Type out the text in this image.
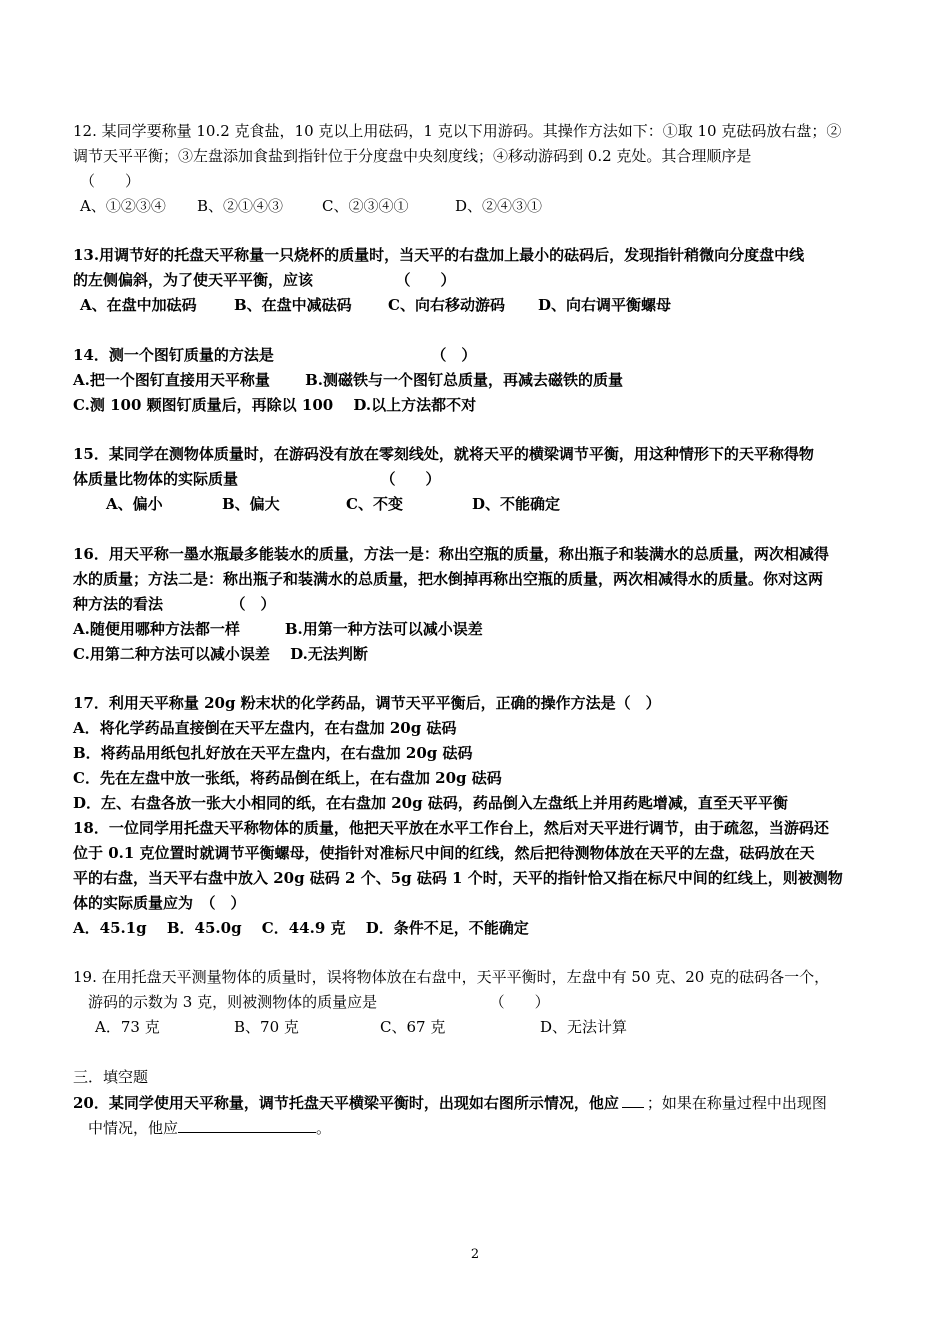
12. 某同学要称量 10.2 克食盐，10 克以上用砝码，1 克以下用游码。其操作方法如下：①取 10 克砝码放右盘；②
调节天平平衡；③左盘添加食盐到指针位于分度盘中央刻度线；④移动游码到 0.2 克处。其合理顺序是
（　　）
A、①②③④ B、②①④③	C、②③④①	D、②④③①
13.用调节好的托盘天平称量一只烧杯的质量时，当天平的右盘加上最小的砝码后，发现指针稍微向分度盘中线
的左侧偏斜，为了使天平平衡，应该　　　　　　（　　）
A、在盘中加砝码 B、在盘中减砝码 C、向右移动游码 D、向右调平衡螺母
14．测一个图钉质量的方法是　　　　　　　　　　　（　）
A.把一个图钉直接用天平称量　　 B.测磁铁与一个图钉总质量，再减去磁铁的质量
C.测 100 颗图钉质量后，再除以 100　 D.以上方法都不对
15．某同学在测物体质量时，在游码没有放在零刻线处，就将天平的横梁调节平衡，用这种情形下的天平称得物
体质量比物体的实际质量　　　　　　　　　　（　　）
A、偏小	B、偏大	C、不变	D、不能确定
16．用天平称一墨水瓶最多能装水的质量，方法一是：称出空瓶的质量，称出瓶子和装满水的总质量，两次相减得
水的质量；方法二是：称出瓶子和装满水的总质量，把水倒掉再称出空瓶的质量，两次相减得水的质量。你对这两
种方法的看法　　　　　（　）
A.随便用哪种方法都一样　　　B.用第一种方法可以减小误差
C.用第二种方法可以减小误差　 D.无法判断
17．利用天平称量 20g 粉末状的化学药品，调节天平平衡后，正确的操作方法是（　）
A．将化学药品直接倒在天平左盘内，在右盘加 20g 砝码
B．将药品用纸包扎好放在天平左盘内，在右盘加 20g 砝码
C．先在左盘中放一张纸，将药品倒在纸上，在右盘加 20g 砝码
D．左、右盘各放一张大小相同的纸，在右盘加 20g 砝码，药品倒入左盘纸上并用药匙增减，直至天平平衡
18．一位同学用托盘天平称物体的质量，他把天平放在水平工作台上，然后对天平进行调节，由于疏忽，当游码还
位于 0.1 克位置时就调节平衡螺母，使指针对准标尺中间的红线，然后把待测物体放在天平的左盘，砝码放在天
平的右盘，当天平右盘中放入 20g 砝码 2 个、5g 砝码 1 个时，天平的指针恰又指在标尺中间的红线上，则被测物
体的实际质量应为　（　）
A．45.1g　 B．45.0g　 C．44.9 克　 D．条件不足，不能确定
19. 在用托盘天平测量物体的质量时，误将物体放在右盘中，天平平衡时，左盘中有 50 克、20 克的砝码各一个，
游码的示数为 3 克，则被测物体的质量应是　　　　　　　　（　　）
A．73 克	B、70 克	C、67 克	D、无法计算
三．填空题
20．某同学使用天平称量，调节托盘天平横梁平衡时，出现如右图所示情况，他应 ；如果在称量过程中出现图
中情况，他应	。
2
